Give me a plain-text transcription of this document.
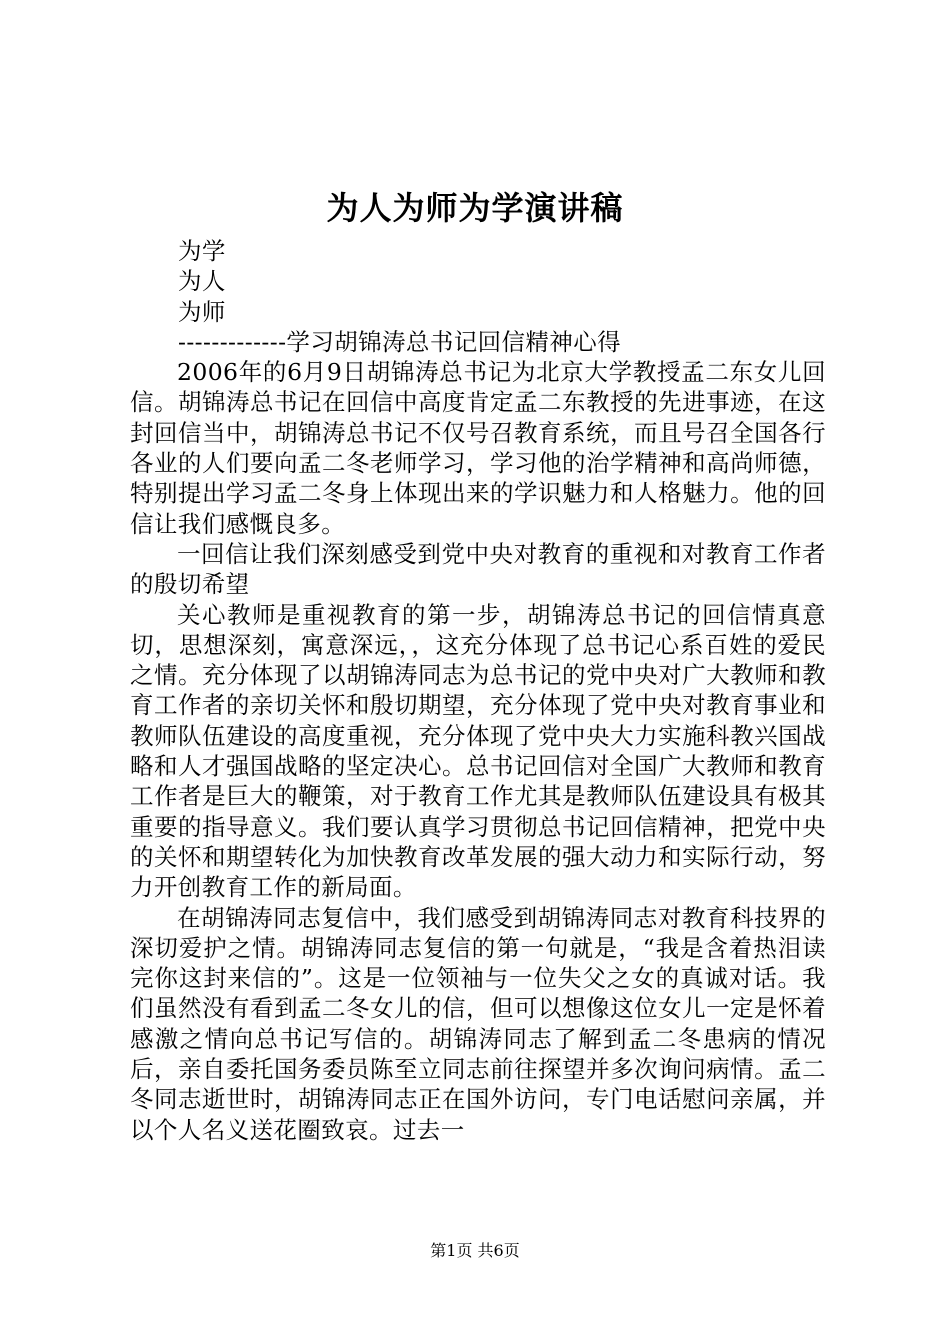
为人为师为学演讲稿

为学

为人

为师

-------------学习胡锦涛总书记回信精神心得

2006年的6月9日胡锦涛总书记为北京大学教授孟二东女儿回信。胡锦涛总书记在回信中高度肯定孟二东教授的先进事迹，在这封回信当中，胡锦涛总书记不仅号召教育系统，而且号召全国各行各业的人们要向孟二冬老师学习，学习他的治学精神和高尚师德，特别提出学习孟二冬身上体现出来的学识魅力和人格魅力。他的回信让我们感慨良多。

一回信让我们深刻感受到党中央对教育的重视和对教育工作者的殷切希望

关心教师是重视教育的第一步，胡锦涛总书记的回信情真意切，思想深刻，寓意深远，，这充分体现了总书记心系百姓的爱民之情。充分体现了以胡锦涛同志为总书记的党中央对广大教师和教育工作者的亲切关怀和殷切期望，充分体现了党中央对教育事业和教师队伍建设的高度重视，充分体现了党中央大力实施科教兴国战略和人才强国战略的坚定决心。总书记回信对全国广大教师和教育工作者是巨大的鞭策，对于教育工作尤其是教师队伍建设具有极其重要的指导意义。我们要认真学习贯彻总书记回信精神，把党中央的关怀和期望转化为加快教育改革发展的强大动力和实际行动，努力开创教育工作的新局面。

在胡锦涛同志复信中，我们感受到胡锦涛同志对教育科技界的深切爱护之情。胡锦涛同志复信的第一句就是，“我是含着热泪读完你这封来信的”。这是一位领袖与一位失父之女的真诚对话。我们虽然没有看到孟二冬女儿的信，但可以想像这位女儿一定是怀着感激之情向总书记写信的。胡锦涛同志了解到孟二冬患病的情况后，亲自委托国务委员陈至立同志前往探望并多次询问病情。孟二冬同志逝世时，胡锦涛同志正在国外访问，专门电话慰问亲属，并以个人名义送花圈致哀。过去一

第1页 共6页
